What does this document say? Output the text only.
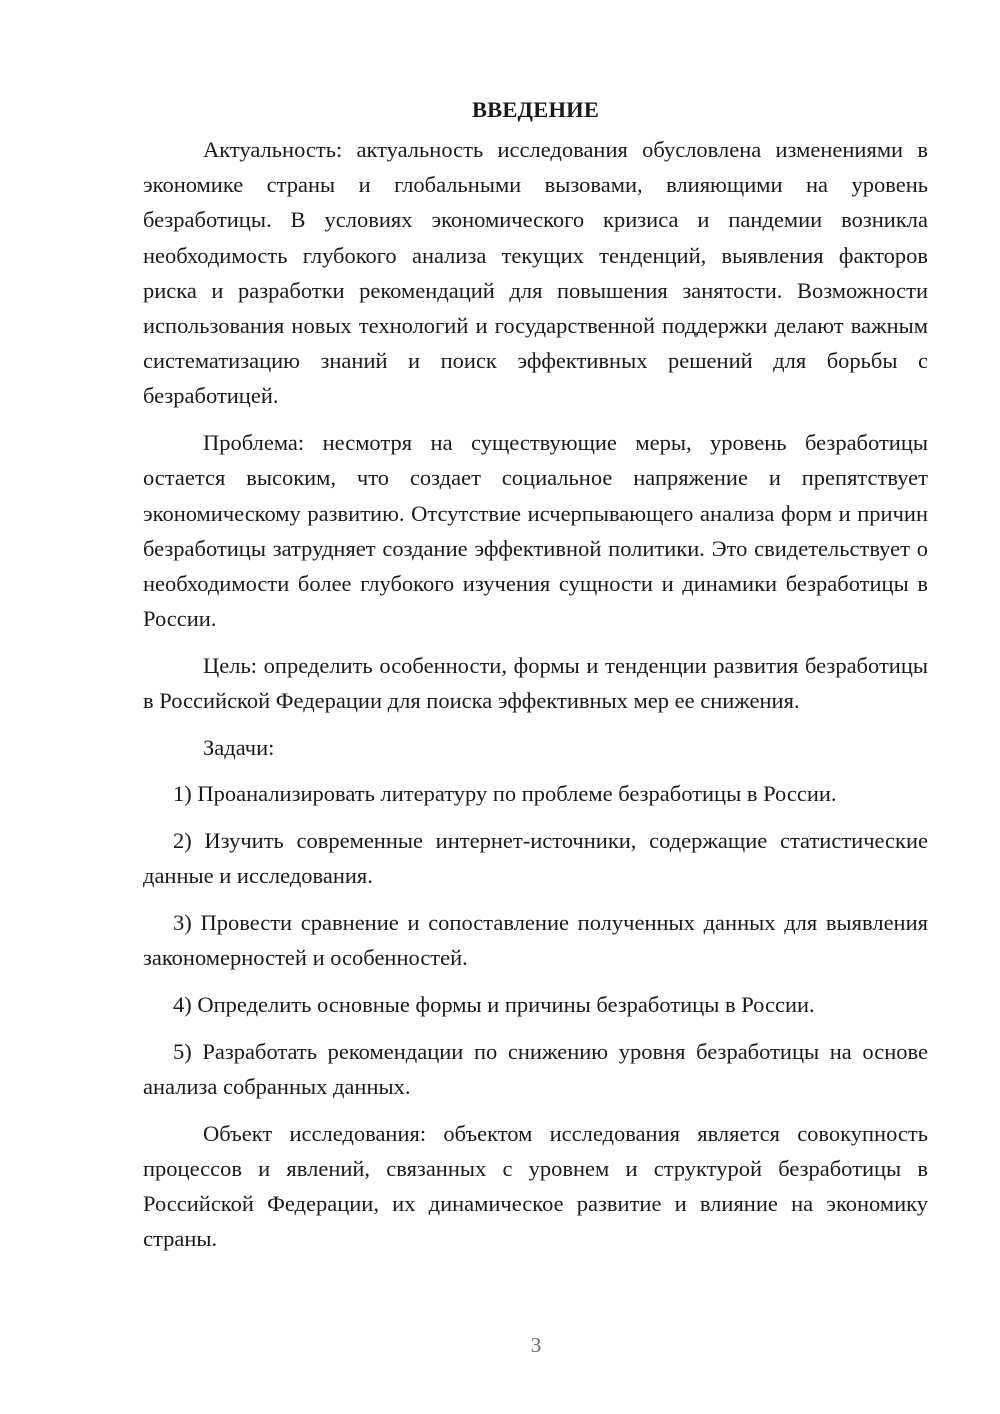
ВВЕДЕНИЕ

Актуальность: актуальность исследования обусловлена изменениями в экономике страны и глобальными вызовами, влияющими на уровень безработицы. В условиях экономического кризиса и пандемии возникла необходимость глубокого анализа текущих тенденций, выявления факторов риска и разработки рекомендаций для повышения занятости. Возможности использования новых технологий и государственной поддержки делают важным систематизацию знаний и поиск эффективных решений для борьбы с безработицей.

Проблема: несмотря на существующие меры, уровень безработицы остается высоким, что создает социальное напряжение и препятствует экономическому развитию. Отсутствие исчерпывающего анализа форм и причин безработицы затрудняет создание эффективной политики. Это свидетельствует о необходимости более глубокого изучения сущности и динамики безработицы в России.

Цель: определить особенности, формы и тенденции развития безработицы в Российской Федерации для поиска эффективных мер ее снижения.

Задачи:

1) Проанализировать литературу по проблеме безработицы в России.

2) Изучить современные интернет-источники, содержащие статистические данные и исследования.

3) Провести сравнение и сопоставление полученных данных для выявления закономерностей и особенностей.

4) Определить основные формы и причины безработицы в России.

5) Разработать рекомендации по снижению уровня безработицы на основе анализа собранных данных.

Объект исследования: объектом исследования является совокупность процессов и явлений, связанных с уровнем и структурой безработицы в Российской Федерации, их динамическое развитие и влияние на экономику страны.

3
